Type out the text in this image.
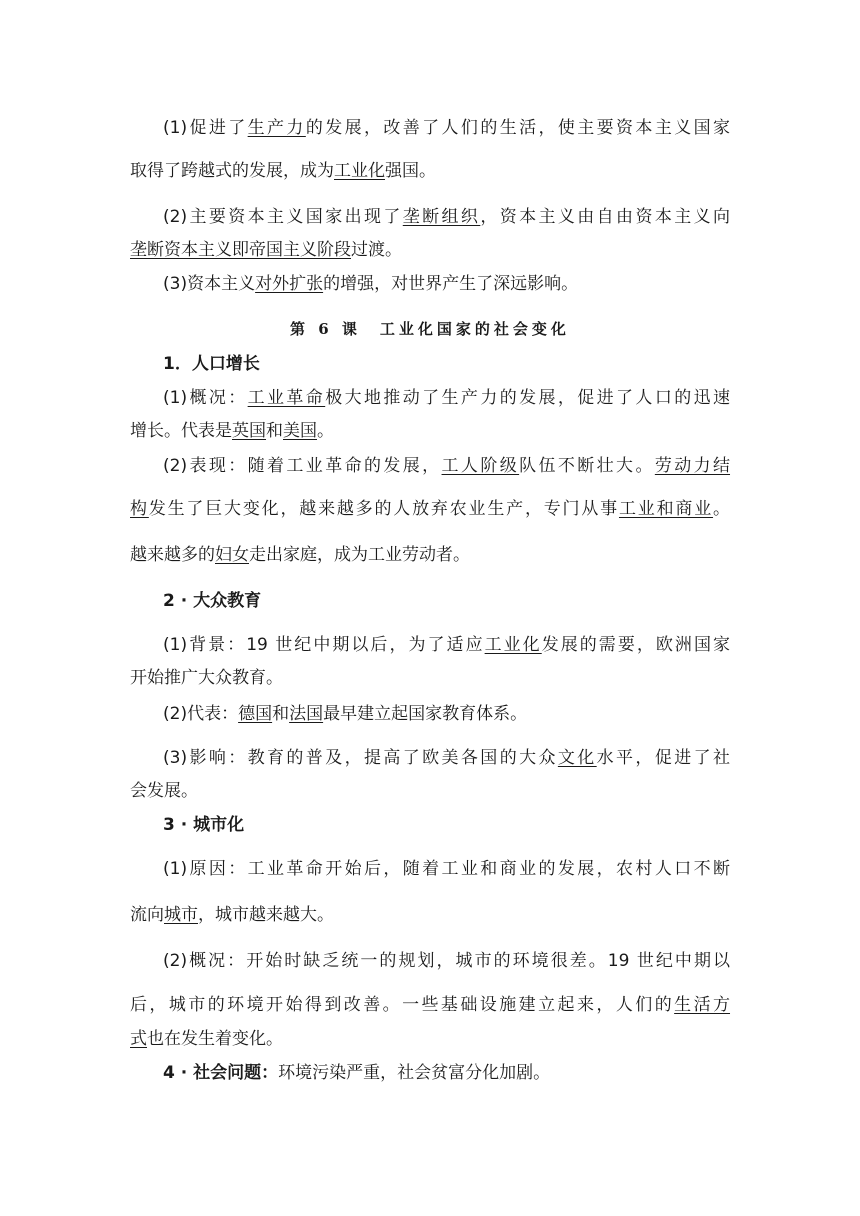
第 6 课　工业化国家的社会变化
(1)促进了生产力的发展，改善了人们的生活，使主要资本主义国家
取得了跨越式的发展，成为工业化强国。
(2)主要资本主义国家出现了垄断组织，资本主义由自由资本主义向
垄断资本主义即帝国主义阶段过渡。
(3)资本主义对外扩张的增强，对世界产生了深远影响。
1．人口增长
(1)概况：工业革命极大地推动了生产力的发展，促进了人口的迅速
增长。代表是英国和美国。
(2)表现：随着工业革命的发展，工人阶级队伍不断壮大。劳动力结
构发生了巨大变化，越来越多的人放弃农业生产，专门从事工业和商业。
越来越多的妇女走出家庭，成为工业劳动者。
2 · 大众教育
(1)背景：19 世纪中期以后，为了适应工业化发展的需要，欧洲国家
开始推广大众教育。
(2)代表：德国和法国最早建立起国家教育体系。
(3)影响：教育的普及，提高了欧美各国的大众文化水平，促进了社
会发展。
3 · 城市化
(1)原因：工业革命开始后，随着工业和商业的发展，农村人口不断
流向城市，城市越来越大。
(2)概况：开始时缺乏统一的规划，城市的环境很差。19 世纪中期以
后，城市的环境开始得到改善。一些基础设施建立起来，人们的生活方
式也在发生着变化。
4 · 社会问题：环境污染严重，社会贫富分化加剧。
